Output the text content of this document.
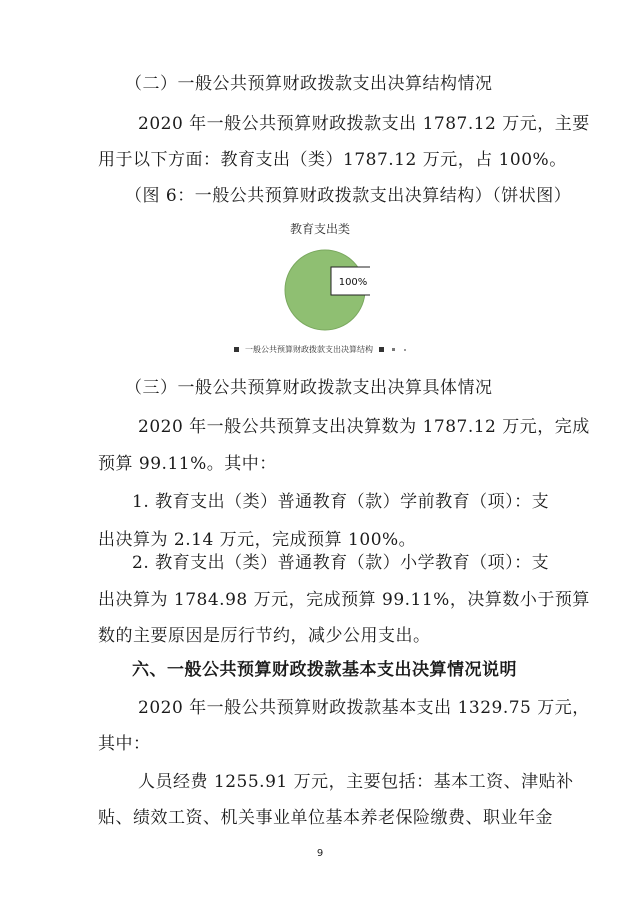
（二）一般公共预算财政拨款支出决算结构情况
2020 年一般公共预算财政拨款支出 1787.12 万元，主要
用于以下方面：教育支出（类）1787.12 万元，占 100%。
（图 6：一般公共预算财政拨款支出决算结构）（饼状图）
教育支出类
100%
一般公共预算财政拨款支出决算结构
（三）一般公共预算财政拨款支出决算具体情况
2020 年一般公共预算支出决算数为 1787.12 万元，完成
预算 99.11%。其中：
1. 教育支出（类）普通教育（款）学前教育（项）：支
出决算为 2.14 万元，完成预算 100%。
2. 教育支出（类）普通教育（款）小学教育（项）：支
出决算为 1784.98 万元，完成预算 99.11%，决算数小于预算
数的主要原因是厉行节约，减少公用支出。
六、一般公共预算财政拨款基本支出决算情况说明
2020 年一般公共预算财政拨款基本支出 1329.75 万元，
其中：
人员经费 1255.91 万元，主要包括：基本工资、津贴补
贴、绩效工资、机关事业单位基本养老保险缴费、职业年金
9
